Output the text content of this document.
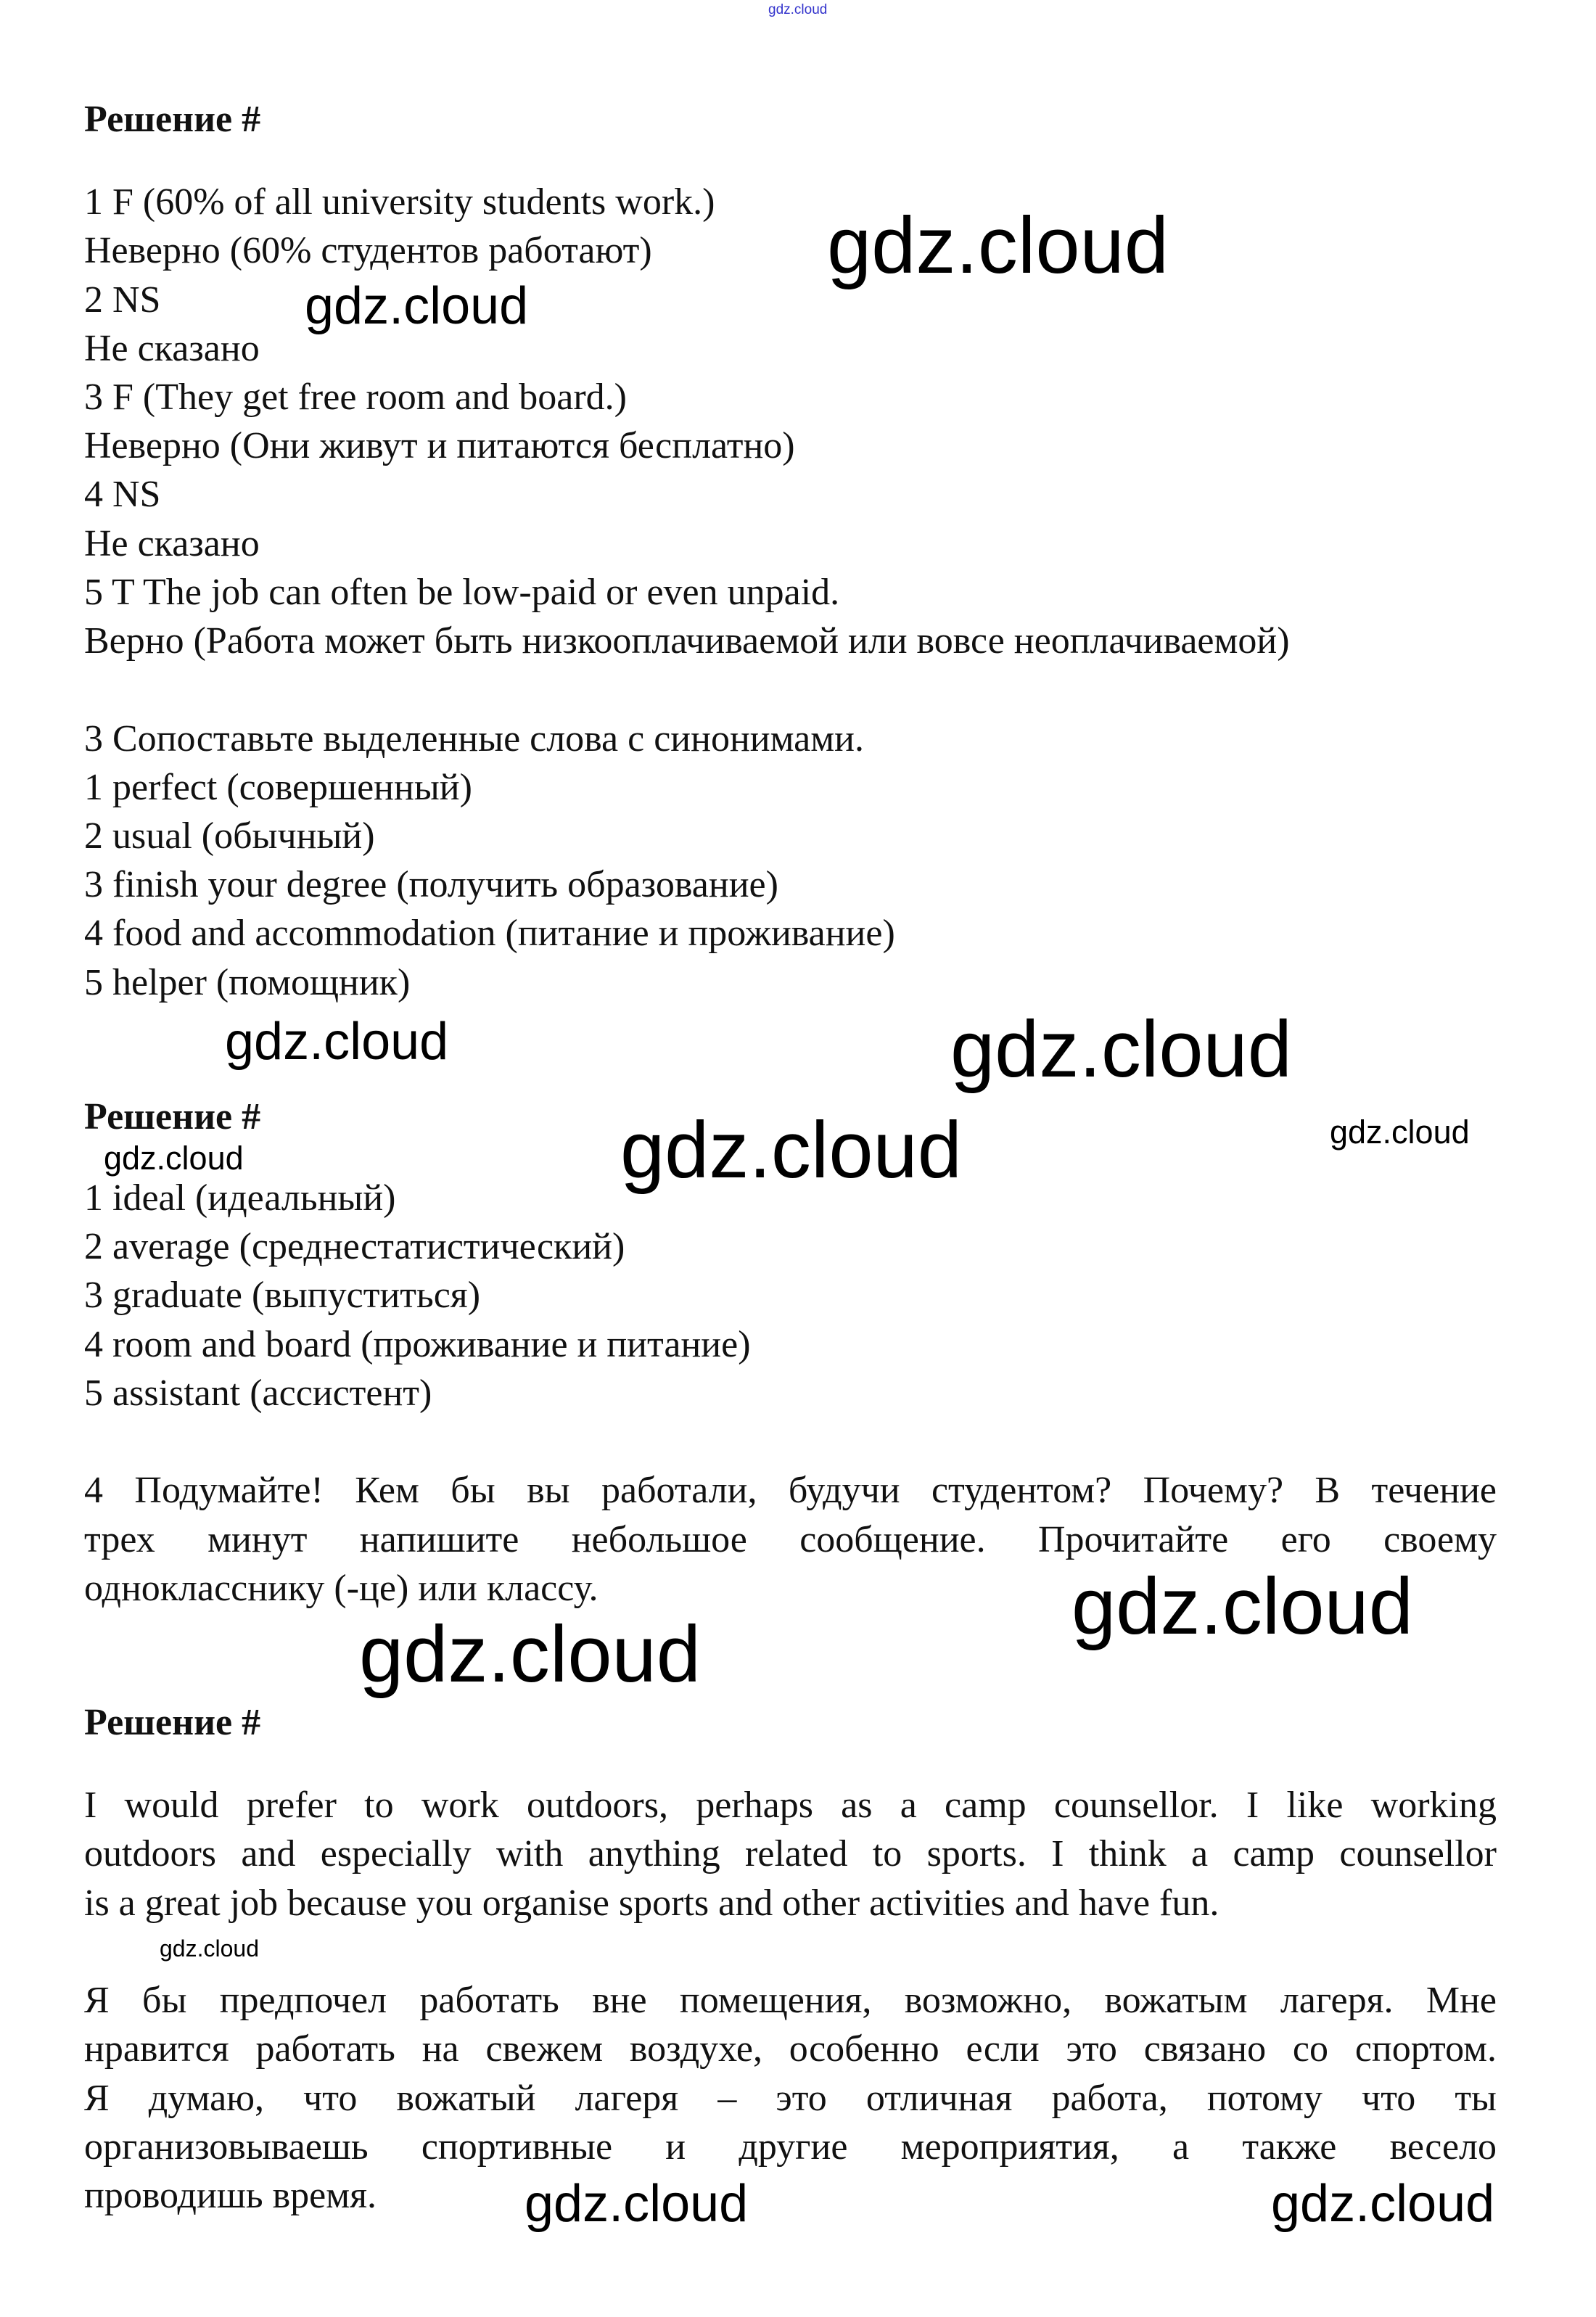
gdz.cloud
Решение #
1 F (60% of all university students work.)
Неверно (60% студентов работают)
2 NS
Не сказано
3 F (They get free room and board.)
Неверно (Они живут и питаются бесплатно)
4 NS
Не сказано
5 T The job can often be low-paid or even unpaid.
Верно (Работа может быть низкооплачиваемой или вовсе неоплачиваемой)
3 Сопоставьте выделенные слова с синонимами.
1 perfect (совершенный)
2 usual (обычный)
3 finish your degree (получить образование)
4 food and accommodation (питание и проживание)
5 helper (помощник)
Решение #
1 ideal (идеальный)
2 average (среднестатистический)
3 graduate (выпуститься)
4 room and board (проживание и питание)
5 assistant (ассистент)
4 Подумайте! Кем бы вы работали, будучи студентом? Почему? В течение
трех минут напишите небольшое сообщение. Прочитайте его своему
однокласснику (-це) или классу.
Решение #
I would prefer to work outdoors, perhaps as a camp counsellor. I like working
outdoors and especially with anything related to sports. I think a camp counsellor
is a great job because you organise sports and other activities and have fun.
Я бы предпочел работать вне помещения, возможно, вожатым лагеря. Мне
нравится работать на свежем воздухе, особенно если это связано со спортом.
Я думаю, что вожатый лагеря – это отличная работа, потому что ты
организовываешь спортивные и другие мероприятия, а также весело
проводишь время.
gdz.cloud
gdz.cloud
gdz.cloud	gdz.cloud
gdz.cloud	gdz.cloud	gdz.cloud
gdz.cloud
gdz.cloud
gdz.cloud
gdz.cloud	gdz.cloud
